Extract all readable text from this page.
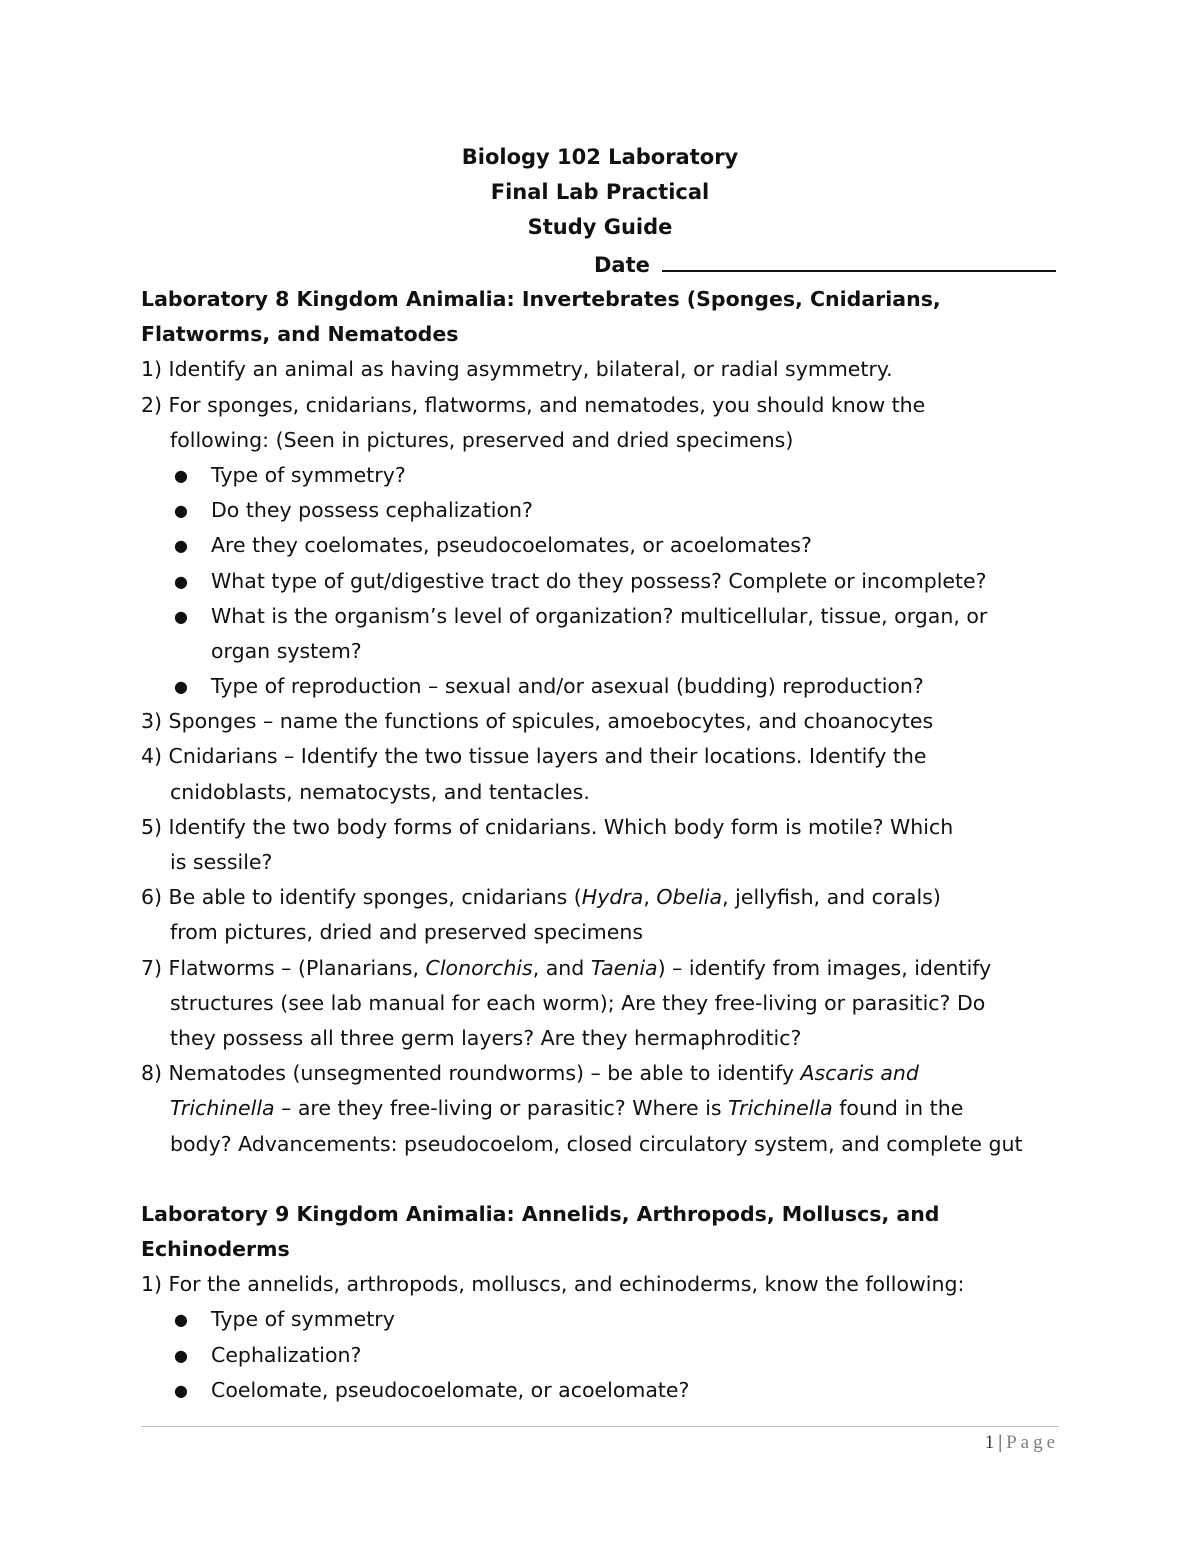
Biology 102 Laboratory
Final Lab Practical
Study Guide
Date
Laboratory 8 Kingdom Animalia: Invertebrates (Sponges, Cnidarians,
Flatworms, and Nematodes
1) Identify an animal as having asymmetry, bilateral, or radial symmetry.
2) For sponges, cnidarians, flatworms, and nematodes, you should know the
following: (Seen in pictures, preserved and dried specimens)
● Type of symmetry?
● Do they possess cephalization?
● Are they coelomates, pseudocoelomates, or acoelomates?
● What type of gut/digestive tract do they possess? Complete or incomplete?
● What is the organism’s level of organization? multicellular, tissue, organ, or
organ system?
● Type of reproduction – sexual and/or asexual (budding) reproduction?
3) Sponges – name the functions of spicules, amoebocytes, and choanocytes
4) Cnidarians – Identify the two tissue layers and their locations. Identify the
cnidoblasts, nematocysts, and tentacles.
5) Identify the two body forms of cnidarians. Which body form is motile? Which
is sessile?
6) Be able to identify sponges, cnidarians (Hydra, Obelia, jellyfish, and corals)
from pictures, dried and preserved specimens
7) Flatworms – (Planarians, Clonorchis, and Taenia) – identify from images, identify
structures (see lab manual for each worm); Are they free-living or parasitic? Do
they possess all three germ layers? Are they hermaphroditic?
8) Nematodes (unsegmented roundworms) – be able to identify Ascaris and
Trichinella – are they free-living or parasitic? Where is Trichinella found in the
body? Advancements: pseudocoelom, closed circulatory system, and complete gut
Laboratory 9 Kingdom Animalia: Annelids, Arthropods, Molluscs, and
Echinoderms
1) For the annelids, arthropods, molluscs, and echinoderms, know the following:
● Type of symmetry
● Cephalization?
● Coelomate, pseudocoelomate, or acoelomate?
1 | Page
